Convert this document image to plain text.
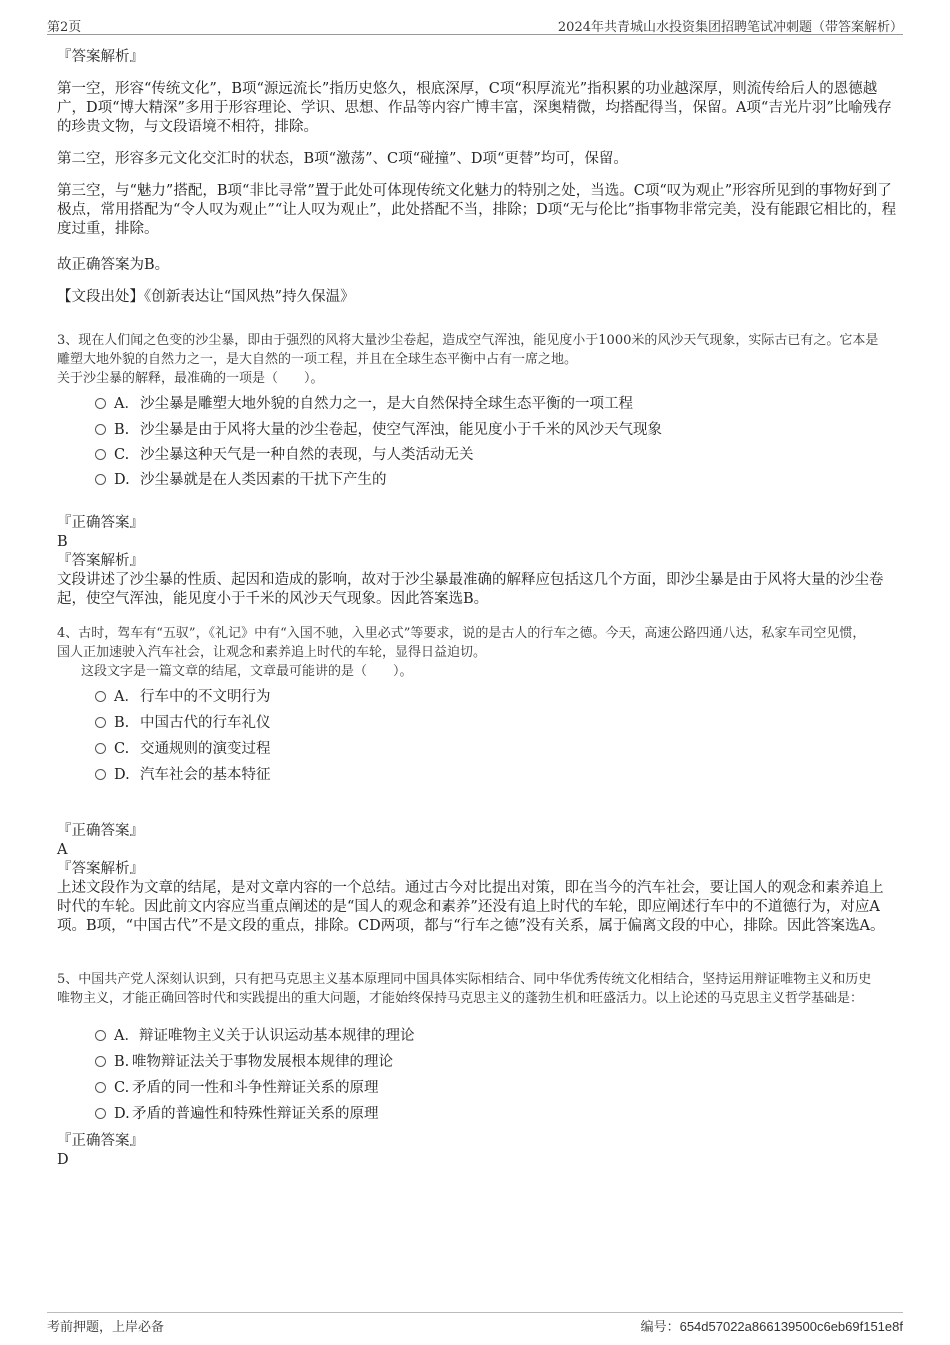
第2页	2024年共青城山水投资集团招聘笔试冲刺题（带答案解析）

『答案解析』

第一空，形容“传统文化”，B项“源远流长”指历史悠久，根底深厚，C项“积厚流光”指积累的功业越深厚，则流传给后人的恩德越广，D项“博大精深”多用于形容理论、学识、思想、作品等内容广博丰富，深奥精微，均搭配得当，保留。A项“吉光片羽”比喻残存的珍贵文物，与文段语境不相符，排除。

第二空，形容多元文化交汇时的状态，B项“激荡”、C项“碰撞”、D项“更替”均可，保留。

第三空，与“魅力”搭配，B项“非比寻常”置于此处可体现传统文化魅力的特别之处，当选。C项“叹为观止”形容所见到的事物好到了极点，常用搭配为“令人叹为观止”“让人叹为观止”，此处搭配不当，排除；D项“无与伦比”指事物非常完美，没有能跟它相比的，程度过重，排除。

故正确答案为B。

【文段出处】《创新表达让“国风热”持久保温》

3、现在人们闻之色变的沙尘暴，即由于强烈的风将大量沙尘卷起，造成空气浑浊，能见度小于1000米的风沙天气现象，实际古已有之。它本是
雕塑大地外貌的自然力之一，是大自然的一项工程，并且在全球生态平衡中占有一席之地。
关于沙尘暴的解释，最准确的一项是（　　）。
A．沙尘暴是雕塑大地外貌的自然力之一，是大自然保持全球生态平衡的一项工程
B. 沙尘暴是由于风将大量的沙尘卷起，使空气浑浊，能见度小于千米的风沙天气现象
C. 沙尘暴这种天气是一种自然的表现，与人类活动无关
D. 沙尘暴就是在人类因素的干扰下产生的

『正确答案』

B

『答案解析』

文段讲述了沙尘暴的性质、起因和造成的影响，故对于沙尘暴最准确的解释应包括这几个方面，即沙尘暴是由于风将大量的沙尘卷起，使空气浑浊，能见度小于千米的风沙天气现象。因此答案选B。

4、古时，驾车有“五驭”，《礼记》中有“入国不驰，入里必式”等要求，说的是古人的行车之德。今天，高速公路四通八达，私家车司空见惯，
国人正加速驶入汽车社会，让观念和素养追上时代的车轮，显得日益迫切。
这段文字是一篇文章的结尾，文章最可能讲的是（　　）。
A．行车中的不文明行为
B. 中国古代的行车礼仪
C. 交通规则的演变过程
D. 汽车社会的基本特征

『正确答案』

A

『答案解析』

上述文段作为文章的结尾，是对文章内容的一个总结。通过古今对比提出对策，即在当今的汽车社会，要让国人的观念和素养追上时代的车轮。因此前文内容应当重点阐述的是“国人的观念和素养”还没有追上时代的车轮，即应阐述行车中的不道德行为，对应A项。B项，“中国古代”不是文段的重点，排除。CD两项，都与“行车之德”没有关系，属于偏离文段的中心，排除。因此答案选A。

5、中国共产党人深刻认识到，只有把马克思主义基本原理同中国具体实际相结合、同中华优秀传统文化相结合，坚持运用辩证唯物主义和历史
唯物主义，才能正确回答时代和实践提出的重大问题，才能始终保持马克思主义的蓬勃生机和旺盛活力。以上论述的马克思主义哲学基础是：
A．辩证唯物主义关于认识运动基本规律的理论
B. 唯物辩证法关于事物发展根本规律的理论
C. 矛盾的同一性和斗争性辩证关系的原理
D. 矛盾的普遍性和特殊性辩证关系的原理

『正确答案』

D

考前押题，上岸必备	编号：654d57022a866139500c6eb69f151e8f
